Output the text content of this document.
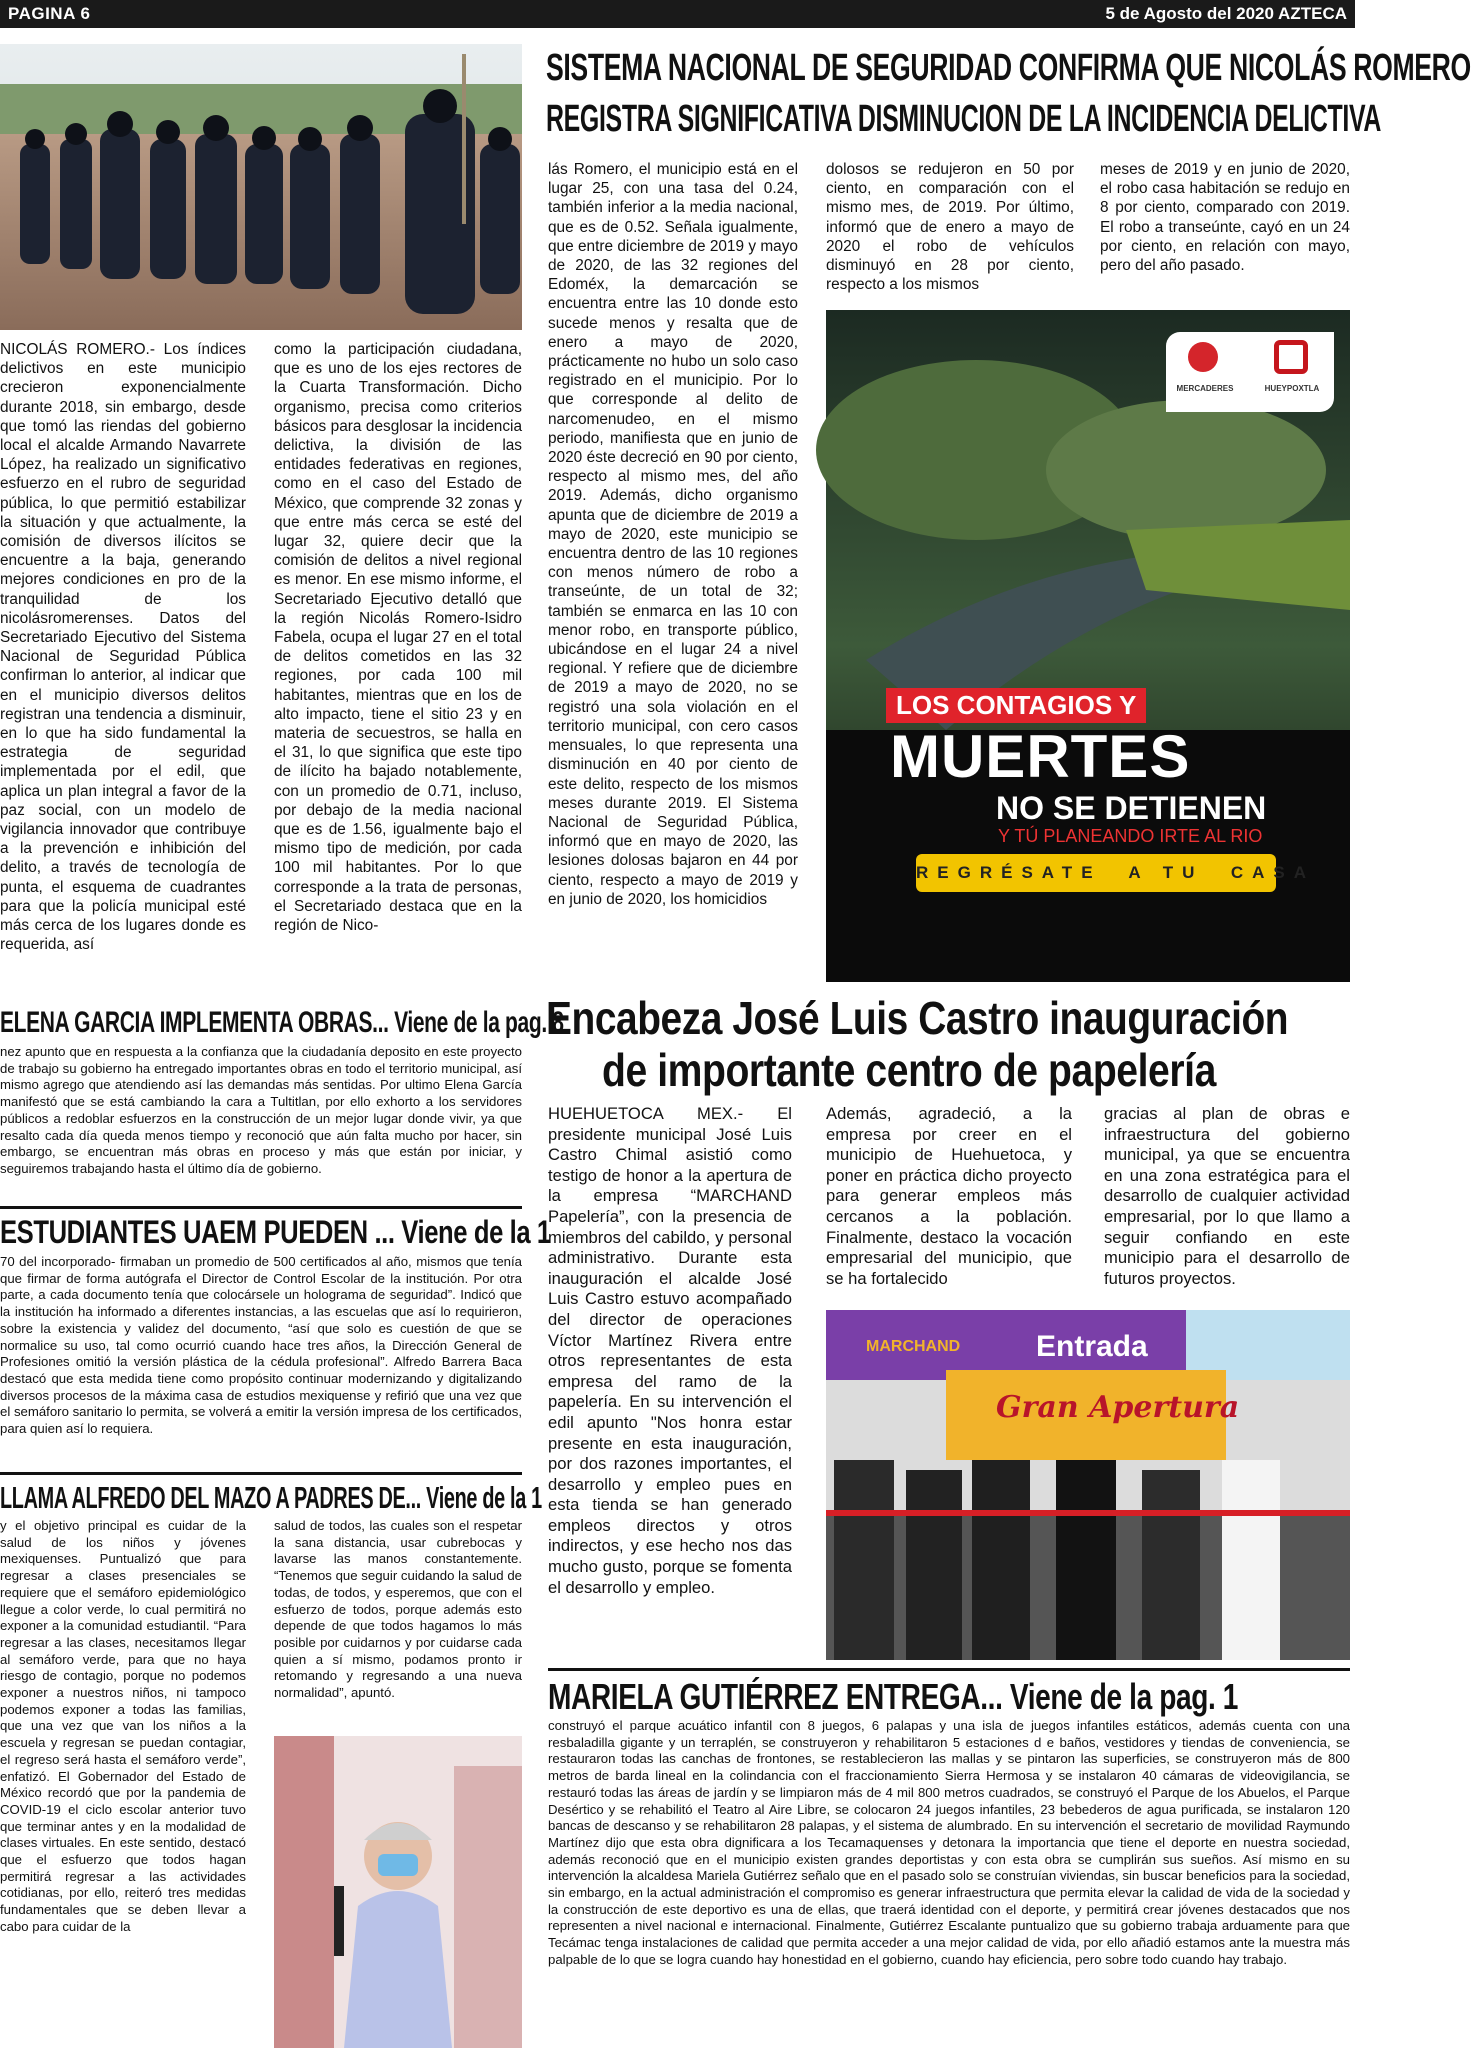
PAGINA 6	5 de Agosto del 2020 AZTECA
SISTEMA NACIONAL DE SEGURIDAD CONFIRMA QUE NICOLÁS ROMERO
REGISTRA SIGNIFICATIVA DISMINUCION DE LA INCIDENCIA DELICTIVA

NICOLÁS ROMERO.- Los índices delictivos en este municipio crecieron exponencialmente durante 2018, sin embargo, desde que tomó las riendas del gobierno local el alcalde Armando Navarrete López, ha realizado un significativo esfuerzo en el rubro de seguridad pública, lo que permitió estabilizar la situación y que actualmente, la comisión de diversos ilícitos se encuentre a la baja, generando mejores condiciones en pro de la tranquilidad de los nicolásromerenses. Datos del Secretariado Ejecutivo del Sistema Nacional de Seguridad Pública confirman lo anterior, al indicar que en el municipio diversos delitos registran una tendencia a disminuir, en lo que ha sido fundamental la estrategia de seguridad implementada por el edil, que aplica un plan integral a favor de la paz social, con un modelo de vigilancia innovador que contribuye a la prevención e inhibición del delito, a través de tecnología de punta, el esquema de cuadrantes para que la policía municipal esté más cerca de los lugares donde es requerida, así

como la participación ciudadana, que es uno de los ejes rectores de la Cuarta Transformación. Dicho organismo, precisa como criterios básicos para desglosar la incidencia delictiva, la división de las entidades federativas en regiones, como en el caso del Estado de México, que comprende 32 zonas y que entre más cerca se esté del lugar 32, quiere decir que la comisión de delitos a nivel regional es menor. En ese mismo informe, el Secretariado Ejecutivo detalló que la región Nicolás Romero-Isidro Fabela, ocupa el lugar 27 en el total de delitos cometidos en las 32 regiones, por cada 100 mil habitantes, mientras que en los de alto impacto, tiene el sitio 23 y en materia de secuestros, se halla en el 31, lo que significa que este tipo de ilícito ha bajado notablemente, con un promedio de 0.71, incluso, por debajo de la media nacional que es de 1.56, igualmente bajo el mismo tipo de medición, por cada 100 mil habitantes. Por lo que corresponde a la trata de personas, el Secretariado destaca que en la región de Nico-

lás Romero, el municipio está en el lugar 25, con una tasa del 0.24, también inferior a la media nacional, que es de 0.52. Señala igualmente, que entre diciembre de 2019 y mayo de 2020, de las 32 regiones del Edoméx, la demarcación se encuentra entre las 10 donde esto sucede menos y resalta que de enero a mayo de 2020, prácticamente no hubo un solo caso registrado en el municipio. Por lo que corresponde al delito de narcomenudeo, en el mismo periodo, manifiesta que en junio de 2020 éste decreció en 90 por ciento, respecto al mismo mes, del año 2019. Además, dicho organismo apunta que de diciembre de 2019 a mayo de 2020, este municipio se encuentra dentro de las 10 regiones con menos número de robo a transeúnte, de un total de 32; también se enmarca en las 10 con menor robo, en transporte público, ubicándose en el lugar 24 a nivel regional. Y refiere que de diciembre de 2019 a mayo de 2020, no se registró una sola violación en el territorio municipal, con cero casos mensuales, lo que representa una disminución en 40 por ciento de este delito, respecto de los mismos meses durante 2019. El Sistema Nacional de Seguridad Pública, informó que en mayo de 2020, las lesiones dolosas bajaron en 44 por ciento, respecto a mayo de 2019 y en junio de 2020, los homicidios

dolosos se redujeron en 50 por ciento, en comparación con el mismo mes, de 2019. Por último, informó que de enero a mayo de 2020 el robo de vehículos disminuyó en 28 por ciento, respecto a los mismos

meses de 2019 y en junio de 2020, el robo casa habitación se redujo en 8 por ciento, comparado con 2019. El robo a transeúnte, cayó en un 24 por ciento, en relación con mayo, pero del año pasado.

MERCADERES	HUEYPOXTLA
LOS CONTAGIOS Y
MUERTES
NO SE DETIENEN
Y TÚ PLANEANDO IRTE AL RIO
REGRÉSATE  A TU  CASA
ELENA GARCIA IMPLEMENTA OBRAS... Viene de la pag. 8

nez apunto que en respuesta a la confianza que la ciudadanía deposito en este proyecto de trabajo su gobierno ha entregado importantes obras en todo el territorio municipal, así mismo agrego que atendiendo así las demandas más sentidas. Por ultimo Elena García manifestó que se está cambiando la cara a Tultitlan, por ello exhorto a los servidores públicos a redoblar esfuerzos en la construcción de un mejor lugar donde vivir, ya que resalto cada día queda menos tiempo y reconoció que aún falta mucho por hacer, sin embargo, se encuentran más obras en proceso y más que están por iniciar, y seguiremos trabajando hasta el último día de gobierno.

ESTUDIANTES UAEM PUEDEN ... Viene de la 1

70 del incorporado- firmaban un promedio de 500 certificados al año, mismos que tenía que firmar de forma autógrafa el Director de Control Escolar de la institución. Por otra parte, a cada documento tenía que colocársele un holograma de seguridad”. Indicó que la institución ha informado a diferentes instancias, a las escuelas que así lo requirieron, sobre la existencia y validez del documento, “así que solo es cuestión de que se normalice su uso, tal como ocurrió cuando hace tres años, la Dirección General de Profesiones omitió la versión plástica de la cédula profesional”. Alfredo Barrera Baca destacó que esta medida tiene como propósito continuar modernizando y digitalizando diversos procesos de la máxima casa de estudios mexiquense y refirió que una vez que el semáforo sanitario lo permita, se volverá a emitir la versión impresa de los certificados, para quien así lo requiera.

LLAMA ALFREDO DEL MAZO A PADRES DE... Viene de la 1

y el objetivo principal es cuidar de la salud de los niños y jóvenes mexiquenses. Puntualizó que para regresar a clases presenciales se requiere que el semáforo epidemiológico llegue a color verde, lo cual permitirá no exponer a la comunidad estudiantil. “Para regresar a las clases, necesitamos llegar al semáforo verde, para que no haya riesgo de contagio, porque no podemos exponer a nuestros niños, ni tampoco podemos exponer a todas las familias, que una vez que van los niños a la escuela y regresan se puedan contagiar, el regreso será hasta el semáforo verde”, enfatizó. El Gobernador del Estado de México recordó que por la pandemia de COVID-19 el ciclo escolar anterior tuvo que terminar antes y en la modalidad de clases virtuales. En este sentido, destacó que el esfuerzo que todos hagan permitirá regresar a las actividades cotidianas, por ello, reiteró tres medidas fundamentales que se deben llevar a cabo para cuidar de la

salud de todos, las cuales son el respetar la sana distancia, usar cubrebocas y lavarse las manos constantemente. “Tenemos que seguir cuidando la salud de todas, de todos, y esperemos, que con el esfuerzo de todos, porque además esto depende de que todos hagamos lo más posible por cuidarnos y por cuidarse cada quien a sí mismo, podamos pronto ir retomando y regresando a una nueva normalidad”, apuntó.

Encabeza José Luis Castro inauguración
de importante centro de papelería

HUEHUETOCA MEX.- El presidente municipal José Luis Castro Chimal asistió como testigo de honor a la apertura de la empresa “MARCHAND Papelería”, con la presencia de miembros del cabildo, y personal administrativo. Durante esta inauguración el alcalde José Luis Castro estuvo acompañado del director de operaciones Víctor Martínez Rivera entre otros representantes de esta empresa del ramo de la papelería. En su intervención el edil apunto "Nos honra estar presente en esta inauguración, por dos razones importantes, el desarrollo y empleo pues en esta tienda se han generado empleos directos y otros indirectos, y ese hecho nos das mucho gusto, porque se fomenta el desarrollo y empleo.

Además, agradeció, a la empresa por creer en el municipio de Huehuetoca, y poner en práctica dicho proyecto para generar empleos más cercanos a la población. Finalmente, destaco la vocación empresarial del municipio, que se ha fortalecido

gracias al plan de obras e infraestructura del gobierno municipal, ya que se encuentra en una zona estratégica para el desarrollo de cualquier actividad empresarial, por lo que llamo a seguir confiando en este municipio para el desarrollo de futuros proyectos.

Entrada
Gran Apertura
MARCHAND
MARIELA GUTIÉRREZ ENTREGA... Viene de la pag. 1

construyó el parque acuático infantil con 8 juegos, 6 palapas y una isla de juegos infantiles estáticos, además cuenta con una resbaladilla gigante y un terraplén, se construyeron y rehabilitaron 5 estaciones d e baños, vestidores y tiendas de conveniencia, se restauraron todas las canchas de frontones, se restablecieron las mallas y se pintaron las superficies, se construyeron más de 800 metros de barda lineal en la colindancia con el fraccionamiento Sierra Hermosa y se instalaron 40 cámaras de videovigilancia, se restauró todas las áreas de jardín y se limpiaron más de 4 mil 800 metros cuadrados, se construyó el Parque de los Abuelos, el Parque Desértico y se rehabilitó el Teatro al Aire Libre, se colocaron 24 juegos infantiles, 23 bebederos de agua purificada, se instalaron 120 bancas de descanso y se rehabilitaron 28 palapas, y el sistema de alumbrado. En su intervención el secretario de movilidad Raymundo Martínez dijo que esta obra dignificara a los Tecamaquenses y detonara la importancia que tiene el deporte en nuestra sociedad, además reconoció que en el municipio existen grandes deportistas y con esta obra se cumplirán sus sueños. Así mismo en su intervención la alcaldesa Mariela Gutiérrez señalo que en el pasado solo se construían viviendas, sin buscar beneficios para la sociedad, sin embargo, en la actual administración el compromiso es generar infraestructura que permita elevar la calidad de vida de la sociedad y la construcción de este deportivo es una de ellas, que traerá identidad con el deporte, y permitirá crear jóvenes destacados que nos representen a nivel nacional e internacional. Finalmente, Gutiérrez Escalante puntualizo que su gobierno trabaja arduamente para que Tecámac tenga instalaciones de calidad que permita acceder a una mejor calidad de vida, por ello añadió estamos ante la muestra más palpable de lo que se logra cuando hay honestidad en el gobierno, cuando hay eficiencia, pero sobre todo cuando hay trabajo.
